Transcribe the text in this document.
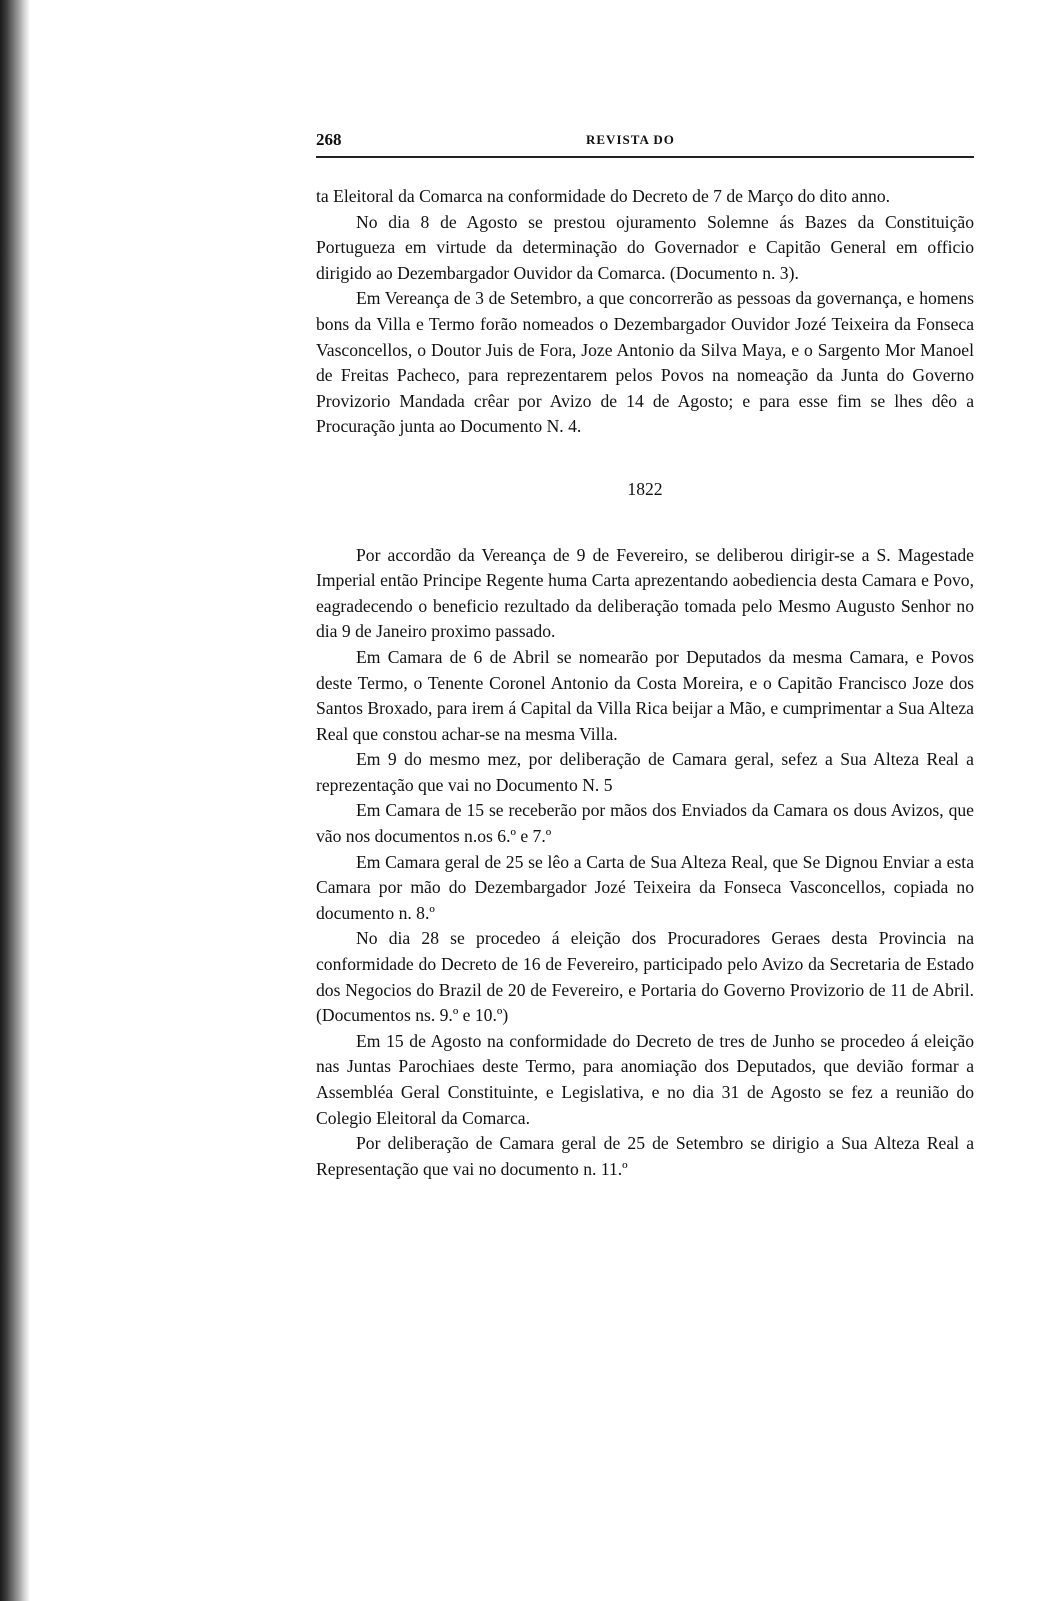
268	REVISTA DO

ta Eleitoral da Comarca na conformidade do Decreto de 7 de Março do dito anno.

No dia 8 de Agosto se prestou ojuramento Solemne ás Bazes da Constituição Portugueza em virtude da determinação do Governador e Capitão General em officio dirigido ao Dezembargador Ouvidor da Comarca. (Documento n. 3).

Em Vereança de 3 de Setembro, a que concorrerão as pessoas da governança, e homens bons da Villa e Termo forão nomeados o Dezembargador Ouvidor Jozé Teixeira da Fonseca Vasconcellos, o Doutor Juis de Fora, Joze Antonio da Silva Maya, e o Sargento Mor Manoel de Freitas Pacheco, para reprezentarem pelos Povos na nomeação da Junta do Governo Provizorio Mandada crêar por Avizo de 14 de Agosto; e para esse fim se lhes dêo a Procuração junta ao Documento N. 4.

1822

Por accordão da Vereança de 9 de Fevereiro, se deliberou dirigir-se a S. Magestade Imperial então Principe Regente huma Carta aprezentando aobediencia desta Camara e Povo, eagradecendo o beneficio rezultado da deliberação tomada pelo Mesmo Augusto Senhor no dia 9 de Janeiro proximo passado.

Em Camara de 6 de Abril se nomearão por Deputados da mesma Camara, e Povos deste Termo, o Tenente Coronel Antonio da Costa Moreira, e o Capitão Francisco Joze dos Santos Broxado, para irem á Capital da Villa Rica beijar a Mão, e cumprimentar a Sua Alteza Real que constou achar-se na mesma Villa.

Em 9 do mesmo mez, por deliberação de Camara geral, sefez a Sua Alteza Real a reprezentação que vai no Documento N. 5

Em Camara de 15 se receberão por mãos dos Enviados da Camara os dous Avizos, que vão nos documentos n.os 6.º e 7.º

Em Camara geral de 25 se lêo a Carta de Sua Alteza Real, que Se Dignou Enviar a esta Camara por mão do Dezembargador Jozé Teixeira da Fonseca Vasconcellos, copiada no documento n. 8.º

No dia 28 se procedeo á eleição dos Procuradores Geraes desta Provincia na conformidade do Decreto de 16 de Fevereiro, participado pelo Avizo da Secretaria de Estado dos Negocios do Brazil de 20 de Fevereiro, e Portaria do Governo Provizorio de 11 de Abril. (Documentos ns. 9.º e 10.º)

Em 15 de Agosto na conformidade do Decreto de tres de Junho se procedeo á eleição nas Juntas Parochiaes deste Termo, para anomiação dos Deputados, que devião formar a Assembléa Geral Constituinte, e Legislativa, e no dia 31 de Agosto se fez a reunião do Colegio Eleitoral da Comarca.

Por deliberação de Camara geral de 25 de Setembro se dirigio a Sua Alteza Real a Representação que vai no documento n. 11.º
